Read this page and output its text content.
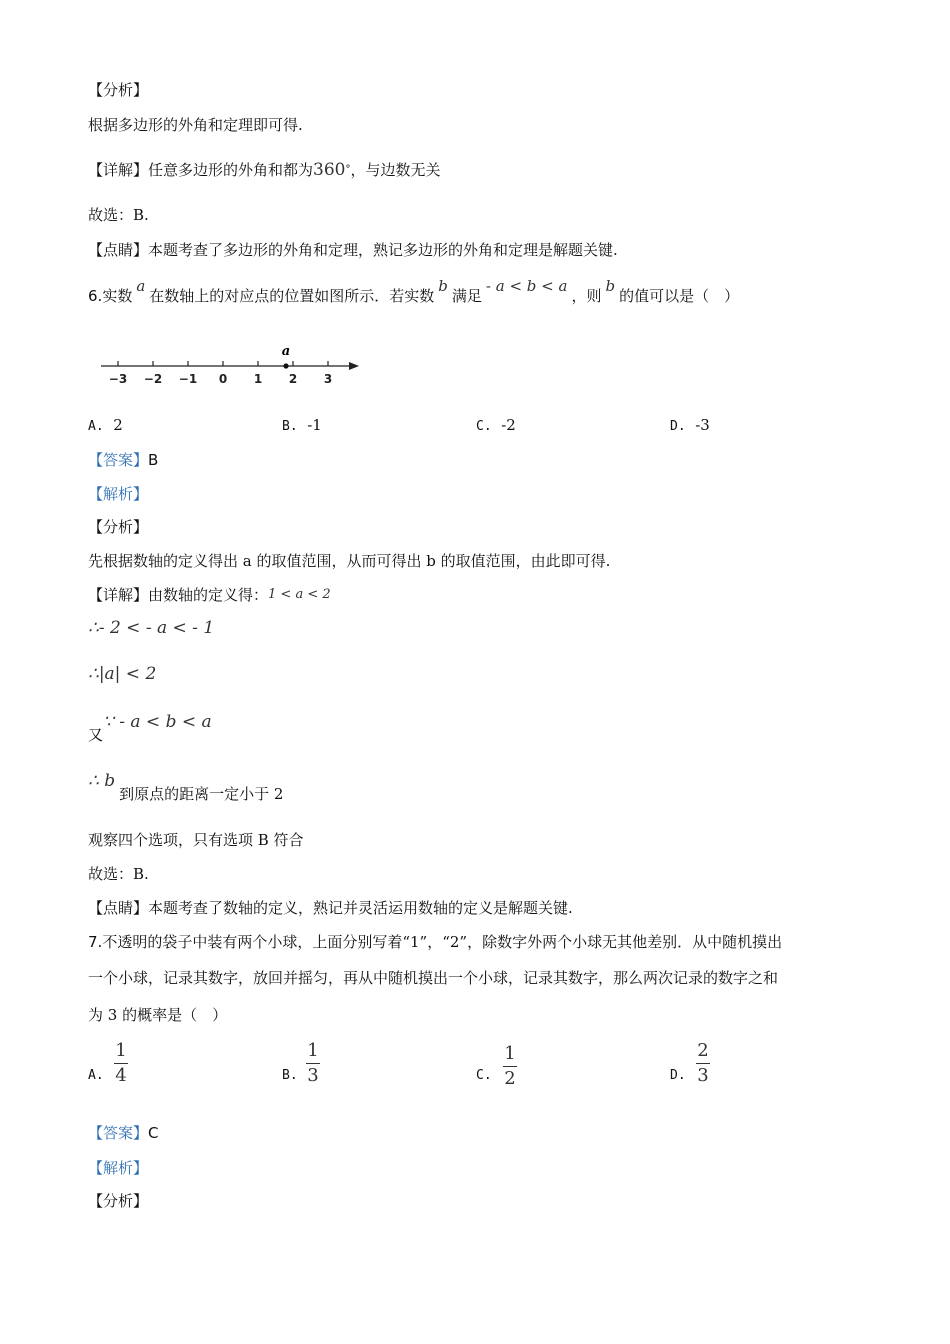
【分析】
根据多边形的外角和定理即可得.
【详解】任意多边形的外角和都为360°，与边数无关
故选：B.
【点睛】本题考查了多边形的外角和定理，熟记多边形的外角和定理是解题关键.
6.实数a在数轴上的对应点的位置如图所示．若实数b满足- a < b < a，则b的值可以是（　）
−3 −2 −1 0 1 2 3
a
A. 2	B. -1	C. -2	D. -3
【答案】B
【解析】
【分析】
先根据数轴的定义得出 a 的取值范围，从而可得出 b 的取值范围，由此即可得.
【详解】由数轴的定义得：1 < a < 2
∴- 2 < - a < - 1
∴|a| < 2
又∵ - a < b < a
∴ b到原点的距离一定小于 2
观察四个选项，只有选项 B 符合
故选：B.
【点睛】本题考查了数轴的定义，熟记并灵活运用数轴的定义是解题关键.
7.不透明的袋子中装有两个小球，上面分别写着“1”，“2”，除数字外两个小球无其他差别．从中随机摸出
一个小球，记录其数字，放回并摇匀，再从中随机摸出一个小球，记录其数字，那么两次记录的数字之和
为 3 的概率是（　）
A.
1
4	B.
1
3	C.
1
2	D.
2
3
【答案】C
【解析】
【分析】
